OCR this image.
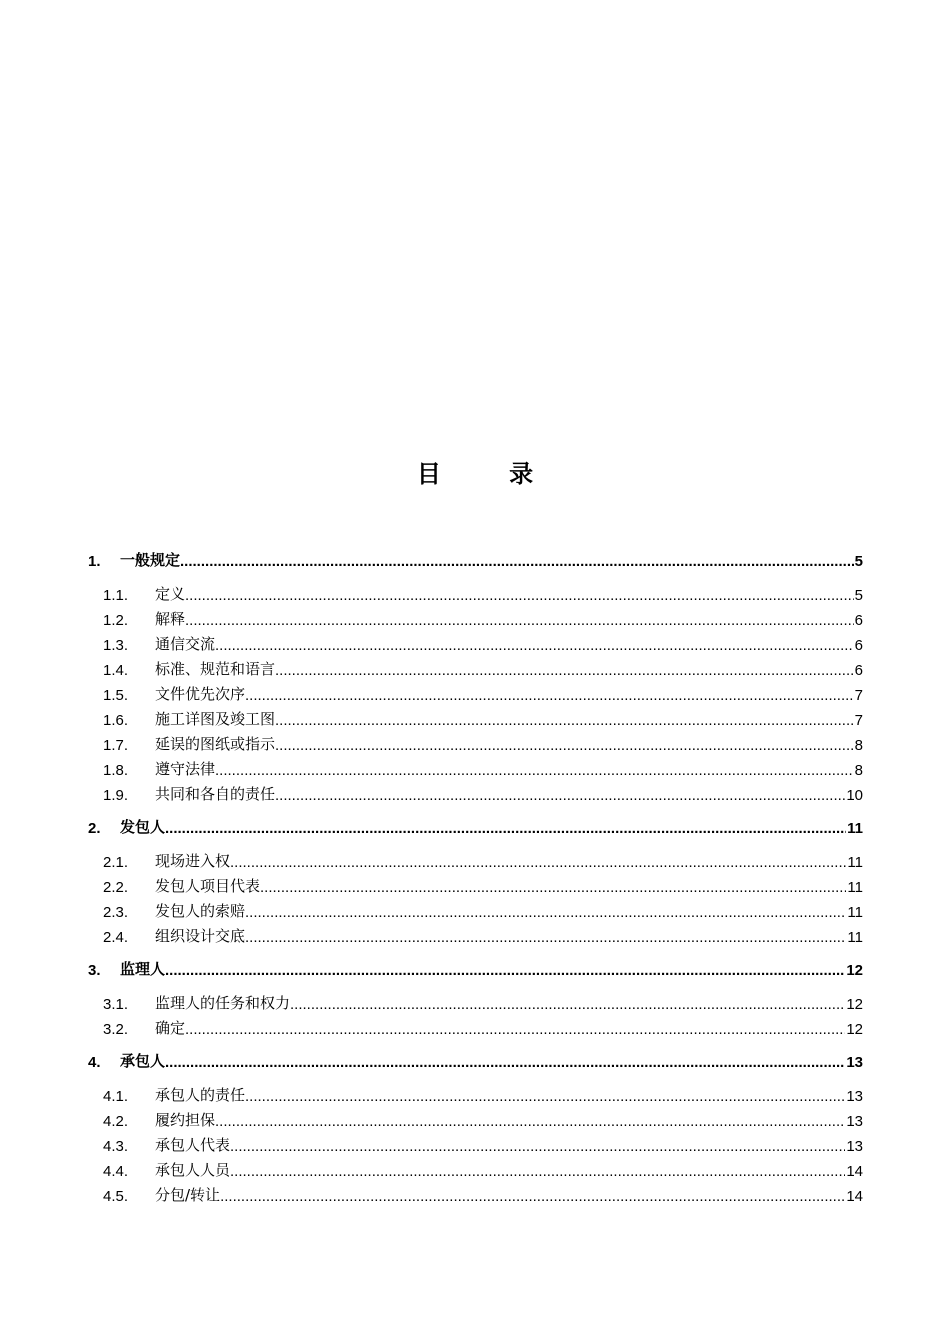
目 录
1.	一般规定 .....	5
1.1.	定义 .....	5
1.2.	解释 .....	6
1.3.	通信交流 .....	6
1.4.	标准、规范和语言 .....	6
1.5.	文件优先次序 .....	7
1.6.	施工详图及竣工图 .....	7
1.7.	延误的图纸或指示 .....	8
1.8.	遵守法律 .....	8
1.9.	共同和各自的责任 .....	10
2.	发包人 .....	11
2.1.	现场进入权 .....	11
2.2.	发包人项目代表 .....	11
2.3.	发包人的索赔 .....	11
2.4.	组织设计交底 .....	11
3.	监理人 .....	12
3.1.	监理人的任务和权力 .....	12
3.2.	确定 .....	12
4.	承包人 .....	13
4.1.	承包人的责任 .....	13
4.2.	履约担保 .....	13
4.3.	承包人代表 .....	13
4.4.	承包人人员 .....	14
4.5.	分包/转让 .....	14
